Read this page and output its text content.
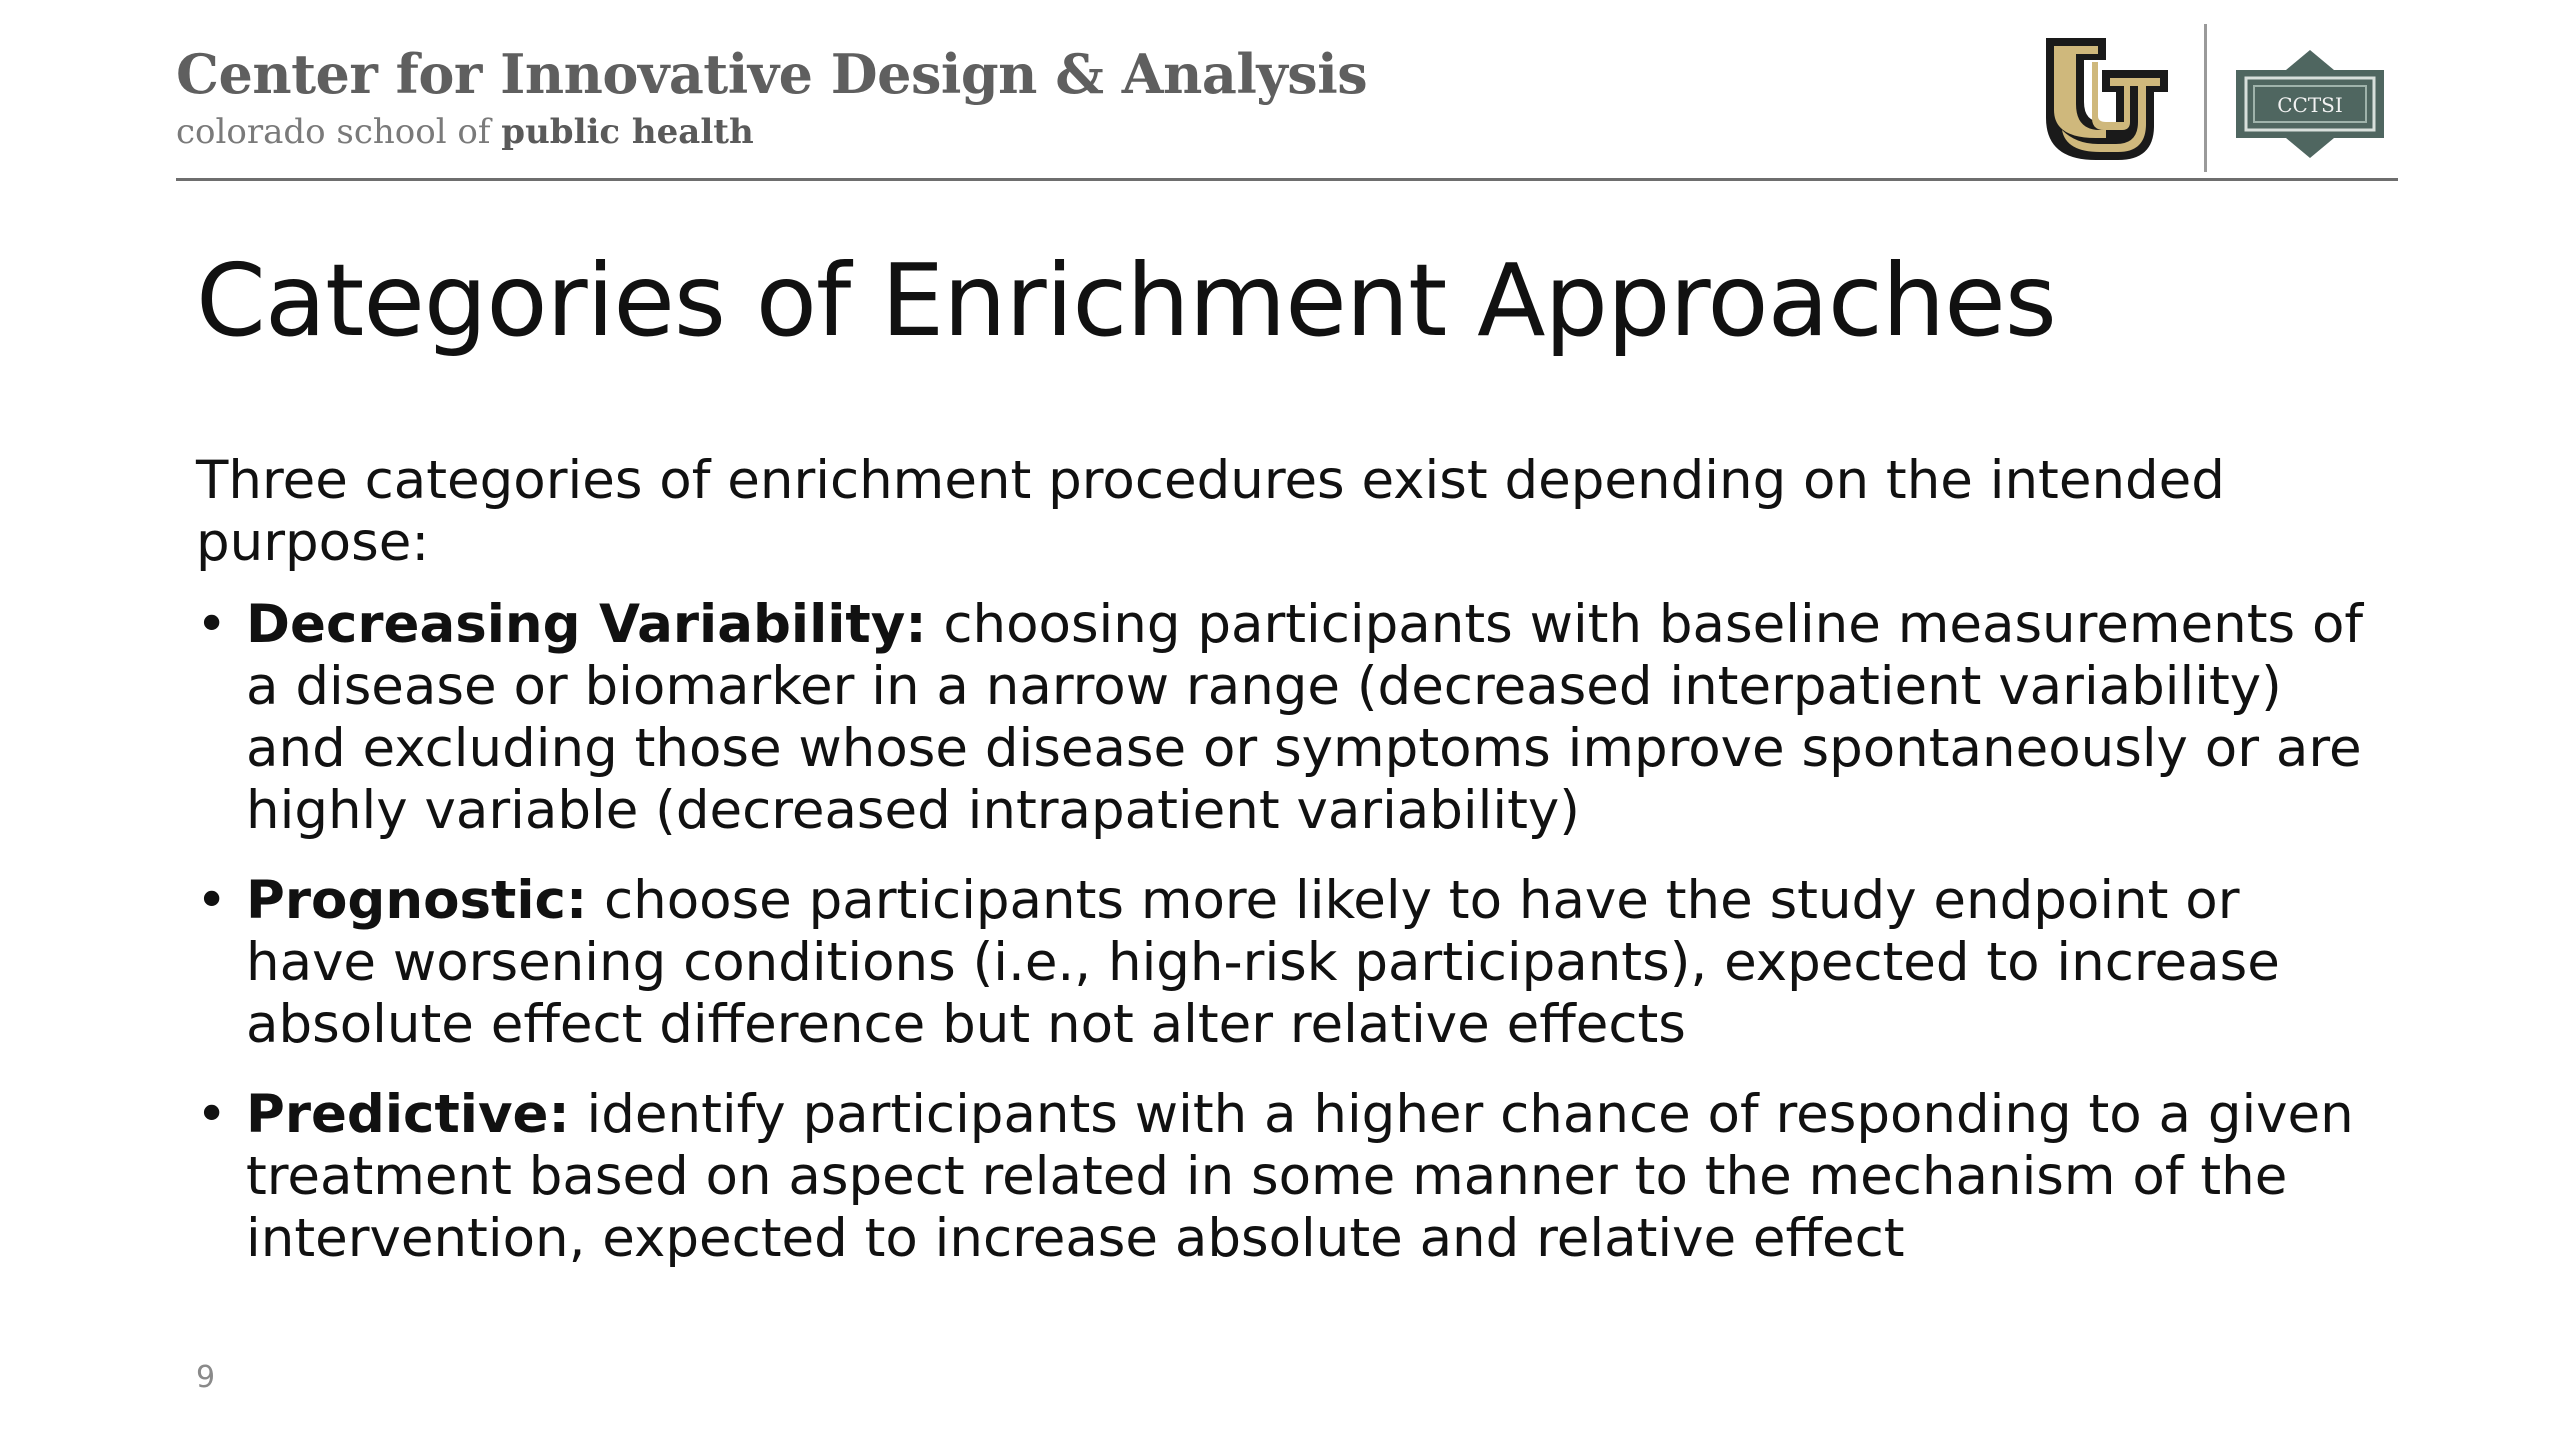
Center for Innovative Design & Analysis
colorado school of public health
CCTSI
Categories of Enrichment Approaches

Three categories of enrichment procedures exist depending on the intended purpose:

• Decreasing Variability: choosing participants with baseline measurements of a disease or biomarker in a narrow range (decreased interpatient variability) and excluding those whose disease or symptoms improve spontaneously or are highly variable (decreased intrapatient variability)
• Prognostic: choose participants more likely to have the study endpoint or have worsening conditions (i.e., high-risk participants), expected to increase absolute effect difference but not alter relative effects
• Predictive: identify participants with a higher chance of responding to a given treatment based on aspect related in some manner to the mechanism of the intervention, expected to increase absolute and relative effect
9
